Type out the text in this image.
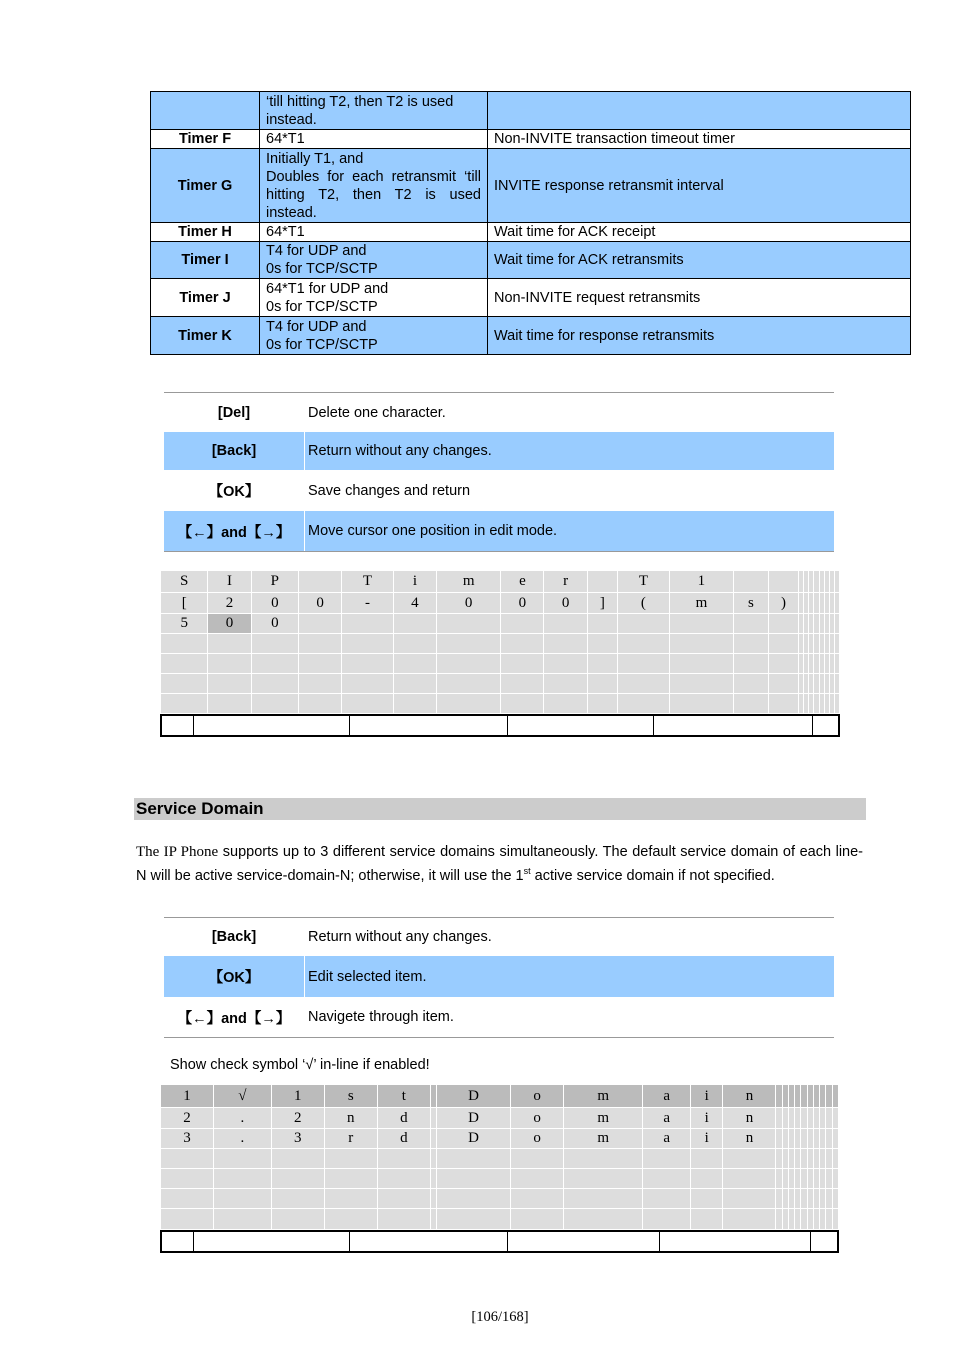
	‘till hitting T2, then T2 is used
instead.	

Timer F	64*T1	Non-INVITE transaction timeout timer
Timer G	Initially T1, and
Doubles for each retransmit ‘till hitting T2, then T2 is used instead.	INVITE response retransmit interval
Timer H	64*T1	Wait time for ACK receipt
Timer I	T4 for UDP and
0s for TCP/SCTP	Wait time for ACK retransmits
Timer J	64*T1 for UDP and
0s for TCP/SCTP	Non-INVITE request retransmits
Timer K	T4 for UDP and
0s for TCP/SCTP	Wait time for response retransmits
[Del]	Delete one character.
[Back]	Return without any changes.
【OK】	Save changes and return
【←】and【→】	Move cursor one position in edit mode.
S	I	P		T	i	m	e	r		T	1										
[	2	0	0	-	4	0	0	0	]	(	m	s	)								
5	0	0																			

Service Domain
The IP Phone supports up to 3 different service domains simultaneously. The default service domain of each line-N will be active service-domain-N; otherwise, it will use the 1st active service domain if not specified.
[Back]	Return without any changes.
【OK】	Edit selected item.
【←】and【→】	Navigete through item.
Show check symbol ‘√’ in-line if enabled!
1	√	1	s	t		D	o	m	a	i	n										
2	.	2	n	d		D	o	m	a	i	n										
3	.	3	r	d		D	o	m	a	i	n										

[106/168]
